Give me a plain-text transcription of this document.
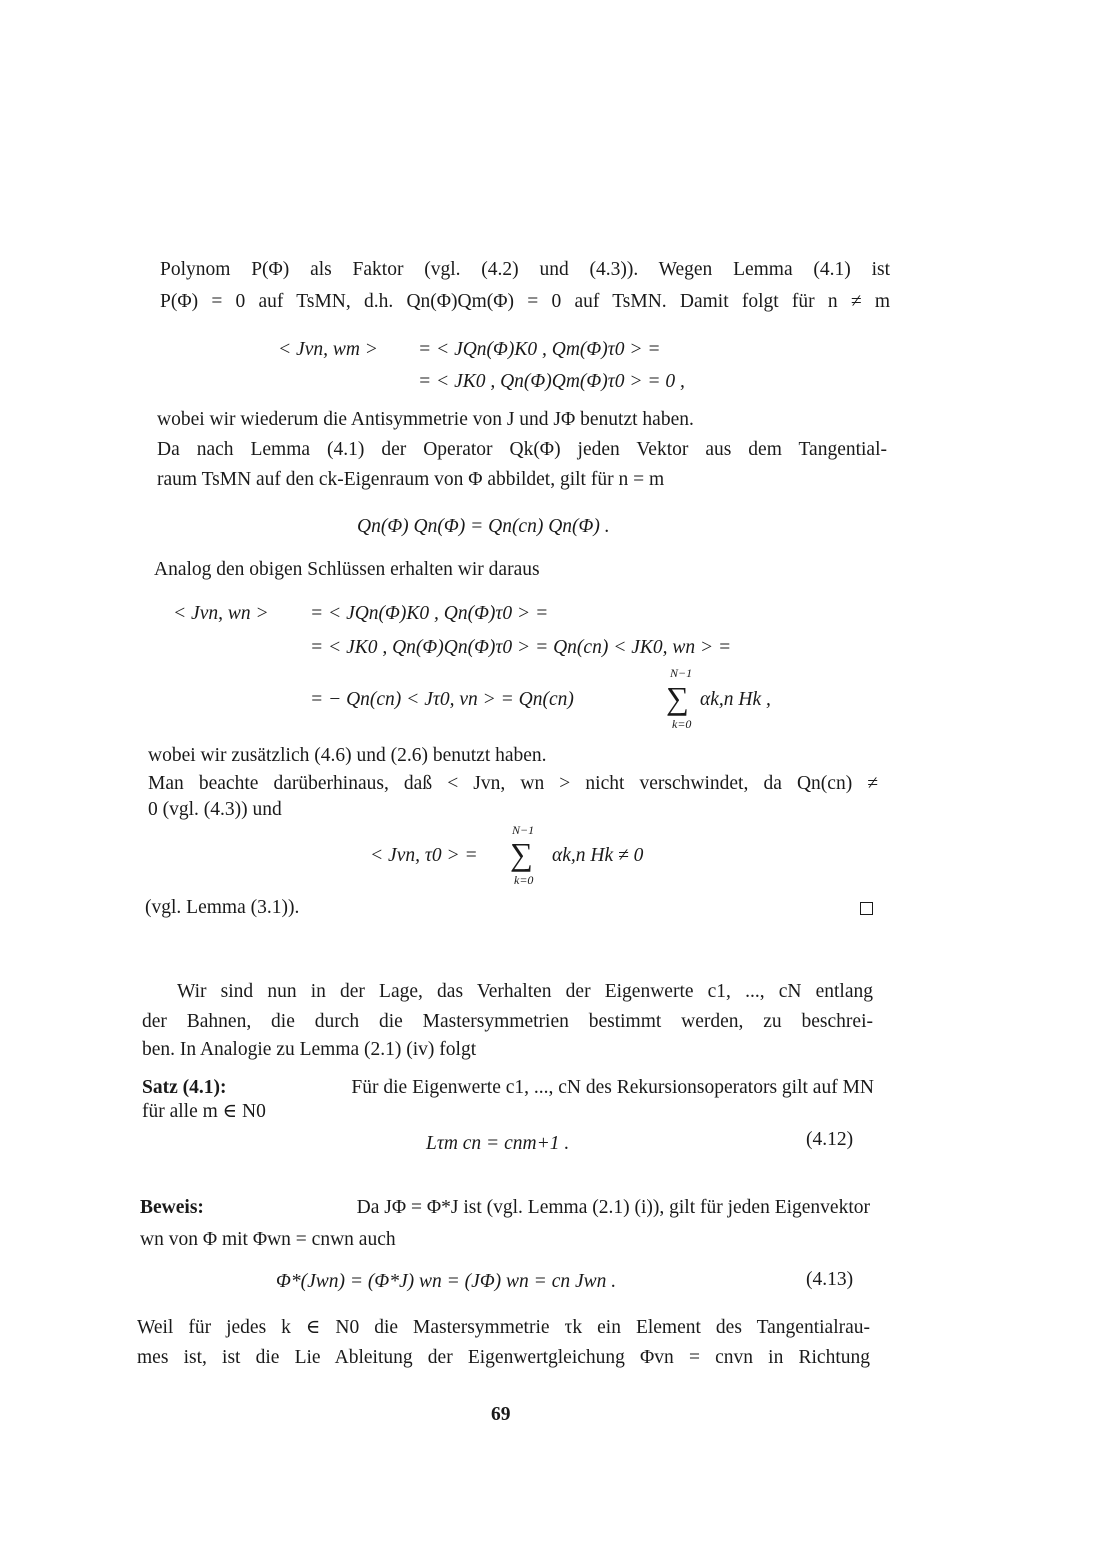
Polynom P(Φ) als Faktor (vgl. (4.2) und (4.3)). Wegen Lemma (4.1) ist
P(Φ) = 0 auf TsMN, d.h. Qn(Φ)Qm(Φ) = 0 auf TsMN. Damit folgt für n ≠ m
< Jvn, wm > = < JQn(Φ)K0 , Qm(Φ)τ0 > =
= < JK0 , Qn(Φ)Qm(Φ)τ0 > = 0 ,
wobei wir wiederum die Antisymmetrie von J und JΦ benutzt haben.
Da nach Lemma (4.1) der Operator Qk(Φ) jeden Vektor aus dem Tangential-
raum TsMN auf den ck-Eigenraum von Φ abbildet, gilt für n = m
Qn(Φ) Qn(Φ) = Qn(cn) Qn(Φ) .
Analog den obigen Schlüssen erhalten wir daraus
< Jvn, wn > = < JQn(Φ)K0 , Qn(Φ)τ0 > =
= < JK0 , Qn(Φ)Qn(Φ)τ0 > = Qn(cn) < JK0, wn > =
= − Qn(cn) < Jτ0, vn > = Qn(cn)
N−1
∑
k=0
αk,n Hk ,
wobei wir zusätzlich (4.6) und (2.6) benutzt haben.
Man beachte darüberhinaus, daß < Jvn, wn > nicht verschwindet, da Qn(cn) ≠
0 (vgl. (4.3)) und
< Jvn, τ0 > =
N−1
∑
k=0
αk,n Hk ≠ 0
(vgl. Lemma (3.1)).
Wir sind nun in der Lage, das Verhalten der Eigenwerte c1, ..., cN entlang
der Bahnen, die durch die Mastersymmetrien bestimmt werden, zu beschrei-
ben. In Analogie zu Lemma (2.1) (iv) folgt
Satz (4.1):	Für die Eigenwerte c1, ..., cN des Rekursionsoperators gilt auf MN
für alle m ∈ N0
Lτm cn = cnm+1 .	(4.12)
Beweis:	Da JΦ = Φ*J ist (vgl. Lemma (2.1) (i)), gilt für jeden Eigenvektor
wn von Φ mit Φwn = cnwn auch
Φ*(Jwn) = (Φ*J) wn = (JΦ) wn = cn Jwn .	(4.13)
Weil für jedes k ∈ N0 die Mastersymmetrie τk ein Element des Tangentialrau-
mes ist, ist die Lie Ableitung der Eigenwertgleichung Φvn = cnvn in Richtung
69
